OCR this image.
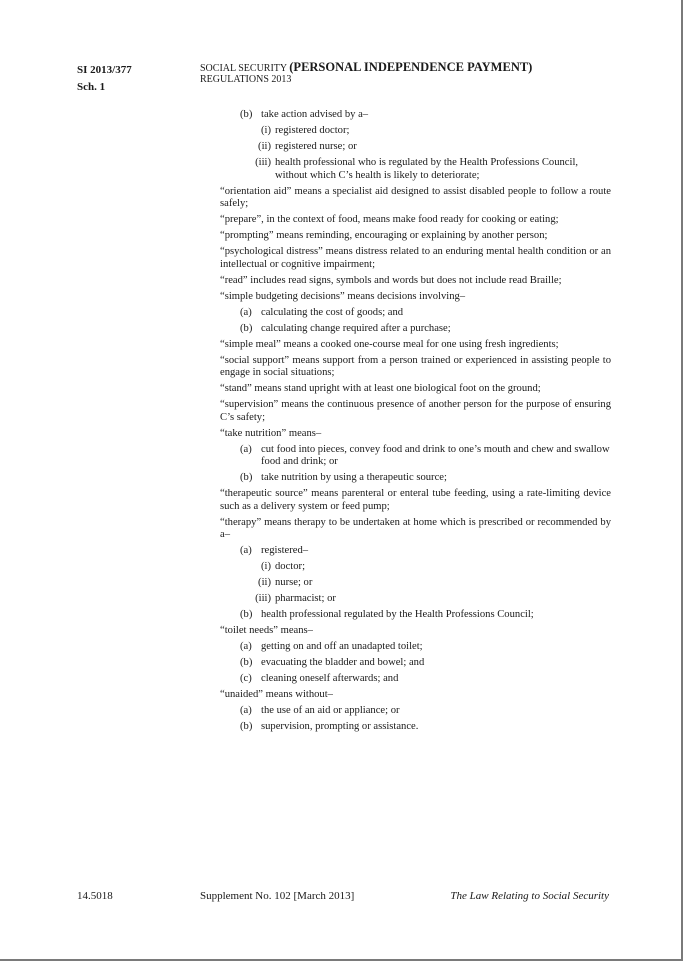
SI 2013/377
Sch. 1
SOCIAL SECURITY (PERSONAL INDEPENDENCE PAYMENT)
REGULATIONS 2013
(b) take action advised by a–
(i) registered doctor;
(ii) registered nurse; or
(iii) health professional who is regulated by the Health Professions Council, without which C’s health is likely to deteriorate;
“orientation aid” means a specialist aid designed to assist disabled people to follow a route safely;
“prepare”, in the context of food, means make food ready for cooking or eating;
“prompting” means reminding, encouraging or explaining by another person;
“psychological distress” means distress related to an enduring mental health condition or an intellectual or cognitive impairment;
“read” includes read signs, symbols and words but does not include read Braille;
“simple budgeting decisions” means decisions involving–
(a) calculating the cost of goods; and
(b) calculating change required after a purchase;
“simple meal” means a cooked one-course meal for one using fresh ingredients;
“social support” means support from a person trained or experienced in assisting people to engage in social situations;
“stand” means stand upright with at least one biological foot on the ground;
“supervision” means the continuous presence of another person for the purpose of ensuring C’s safety;
“take nutrition” means–
(a) cut food into pieces, convey food and drink to one’s mouth and chew and swallow food and drink; or
(b) take nutrition by using a therapeutic source;
“therapeutic source” means parenteral or enteral tube feeding, using a rate-limiting device such as a delivery system or feed pump;
“therapy” means therapy to be undertaken at home which is prescribed or recommended by a–
(a) registered–
(i) doctor;
(ii) nurse; or
(iii) pharmacist; or
(b) health professional regulated by the Health Professions Council;
“toilet needs” means–
(a) getting on and off an unadapted toilet;
(b) evacuating the bladder and bowel; and
(c) cleaning oneself afterwards; and
“unaided” means without–
(a) the use of an aid or appliance; or
(b) supervision, prompting or assistance.
14.5018	Supplement No. 102 [March 2013]	The Law Relating to Social Security
